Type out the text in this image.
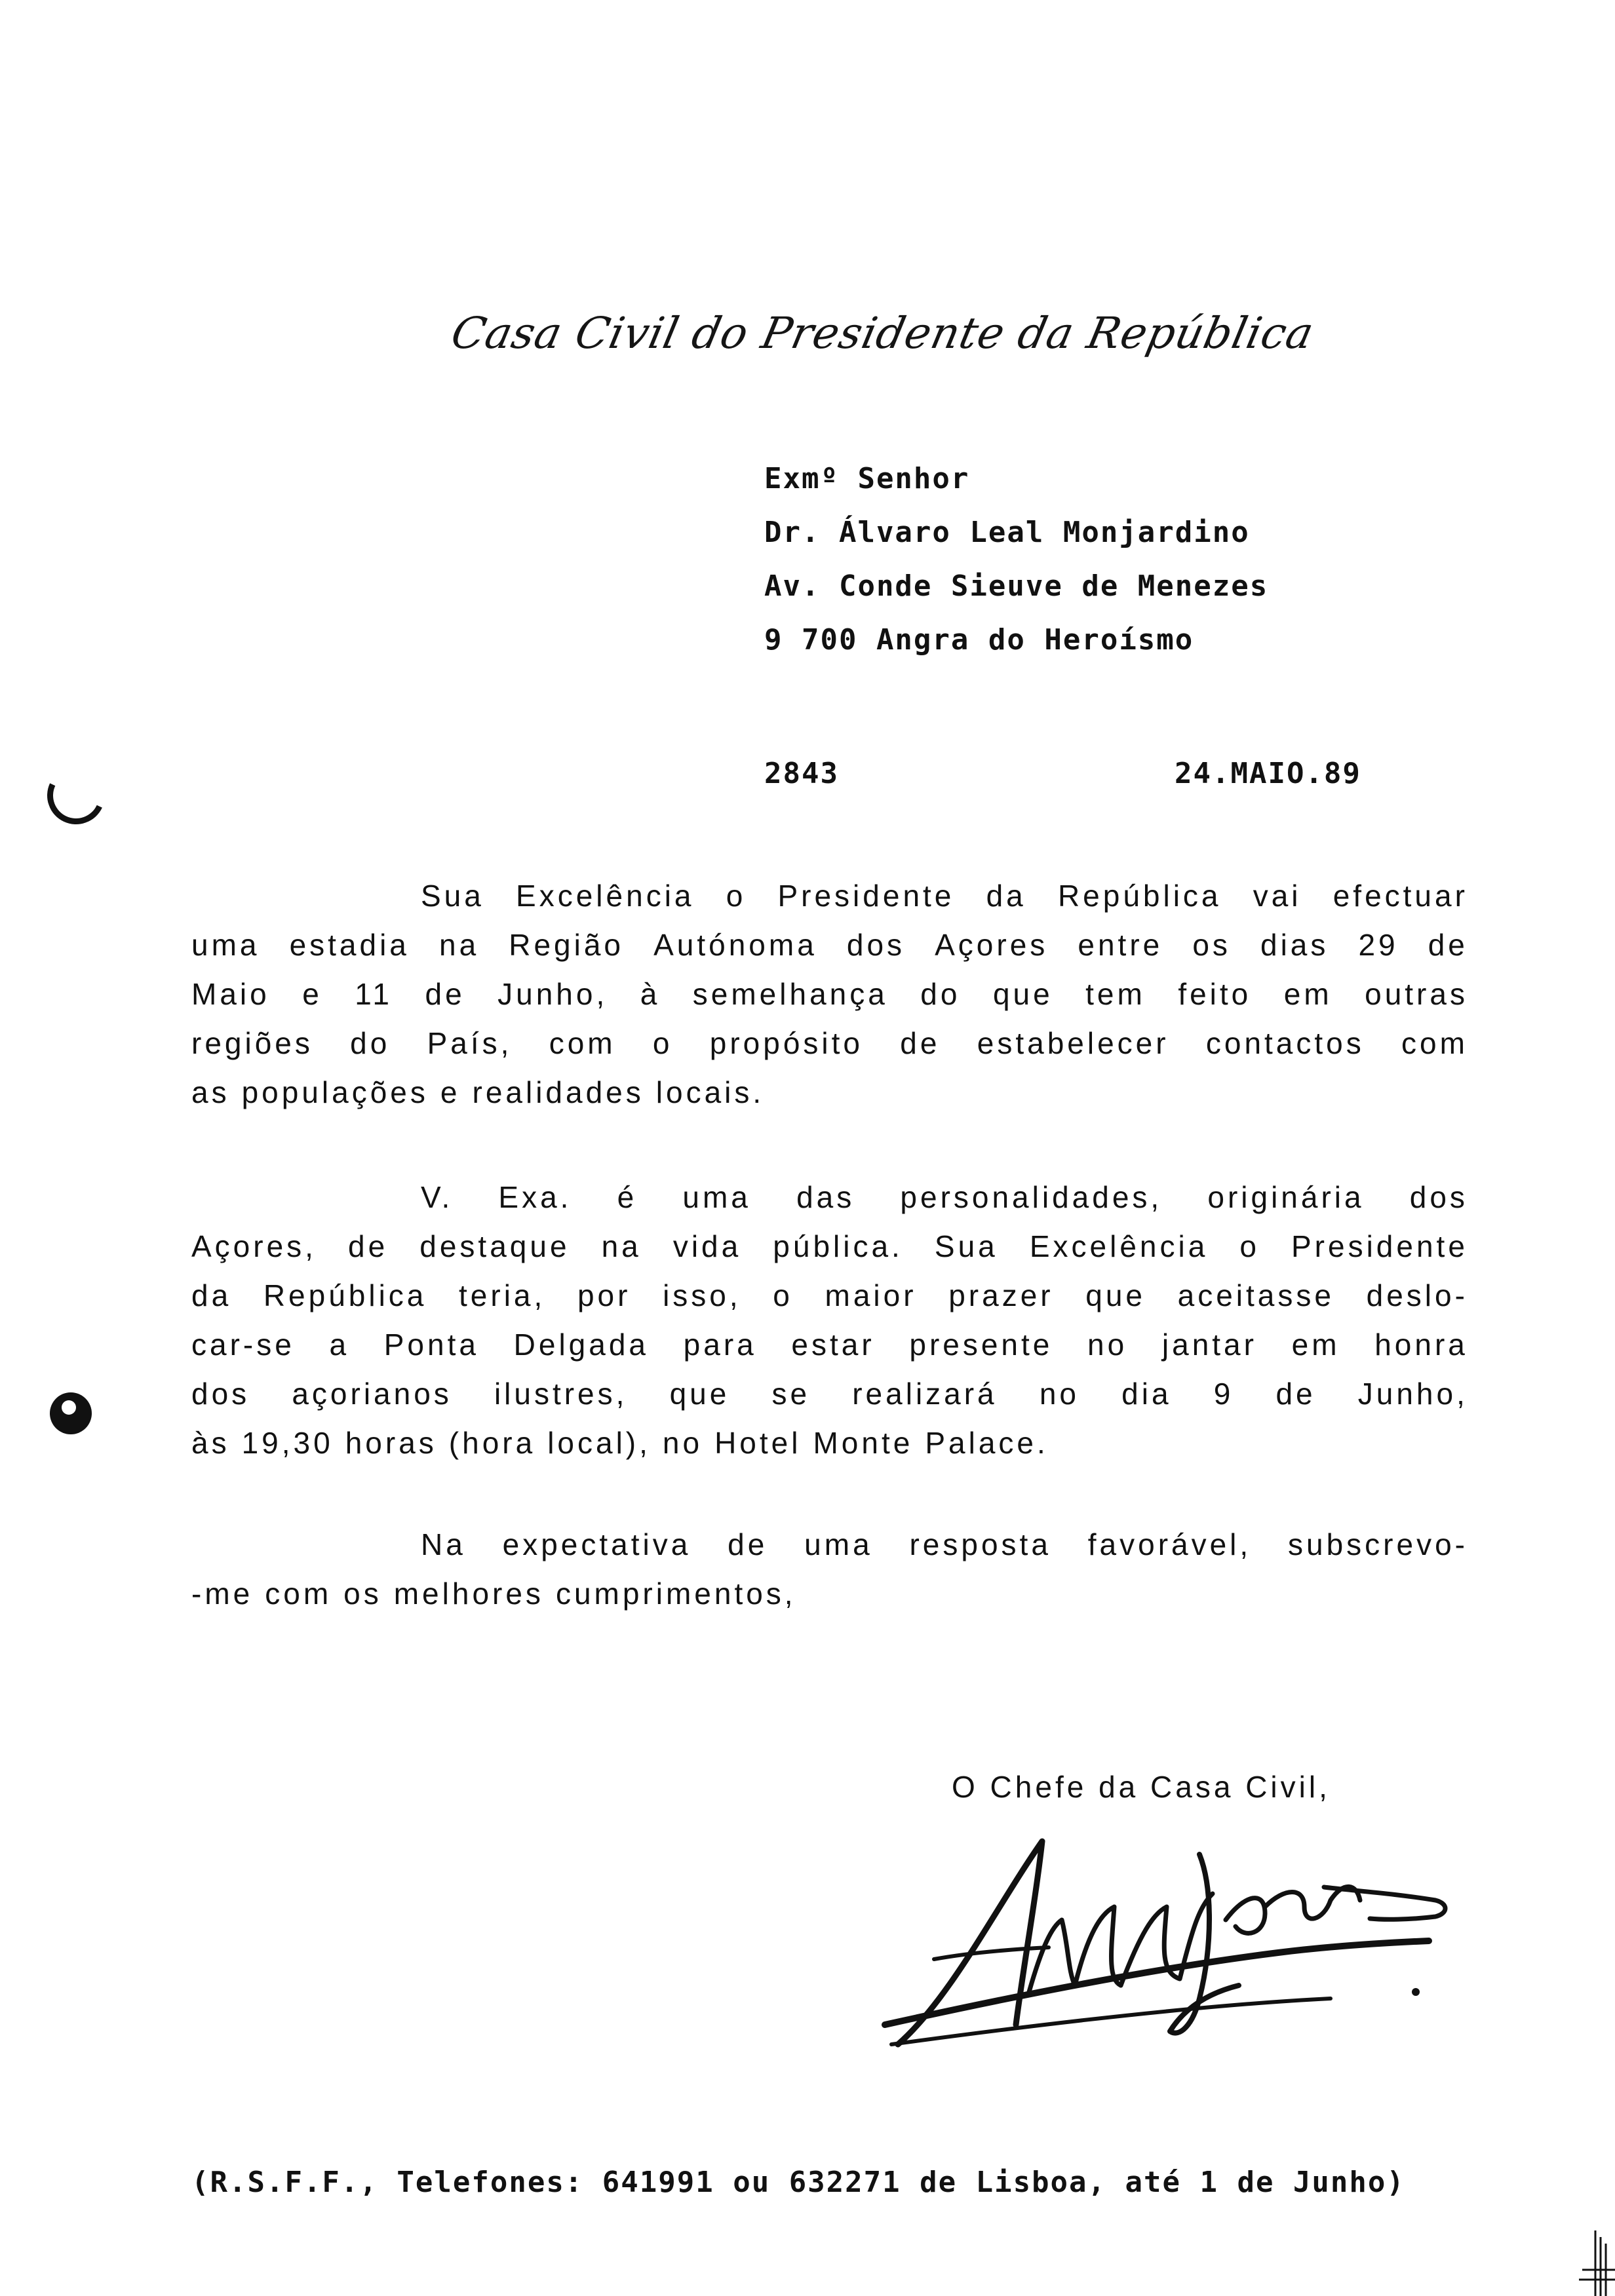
Casa Civil do Presidente da República
Exmº Senhor
Dr. Álvaro Leal Monjardino
Av. Conde Sieuve de Menezes
9 700 Angra do Heroísmo
2843	24.MAIO.89
Sua Excelência o Presidente da República vai efectuar
uma estadia na Região Autónoma dos Açores entre os dias 29 de
Maio e 11 de Junho, à semelhança do que tem feito em outras
regiões do País, com o propósito de estabelecer contactos com
as populações e realidades locais.
V. Exa. é uma das personalidades, originária dos
Açores, de destaque na vida pública. Sua Excelência o Presidente
da República teria, por isso, o maior prazer que aceitasse deslo-
car-se a Ponta Delgada para estar presente no jantar em honra
dos açorianos ilustres, que se realizará no dia 9 de Junho,
às 19,30 horas (hora local), no Hotel Monte Palace.
Na expectativa de uma resposta favorável, subscrevo-
-me com os melhores cumprimentos,
O Chefe da Casa Civil,
(R.S.F.F., Telefones: 641991 ou 632271 de Lisboa, até 1 de Junho)
